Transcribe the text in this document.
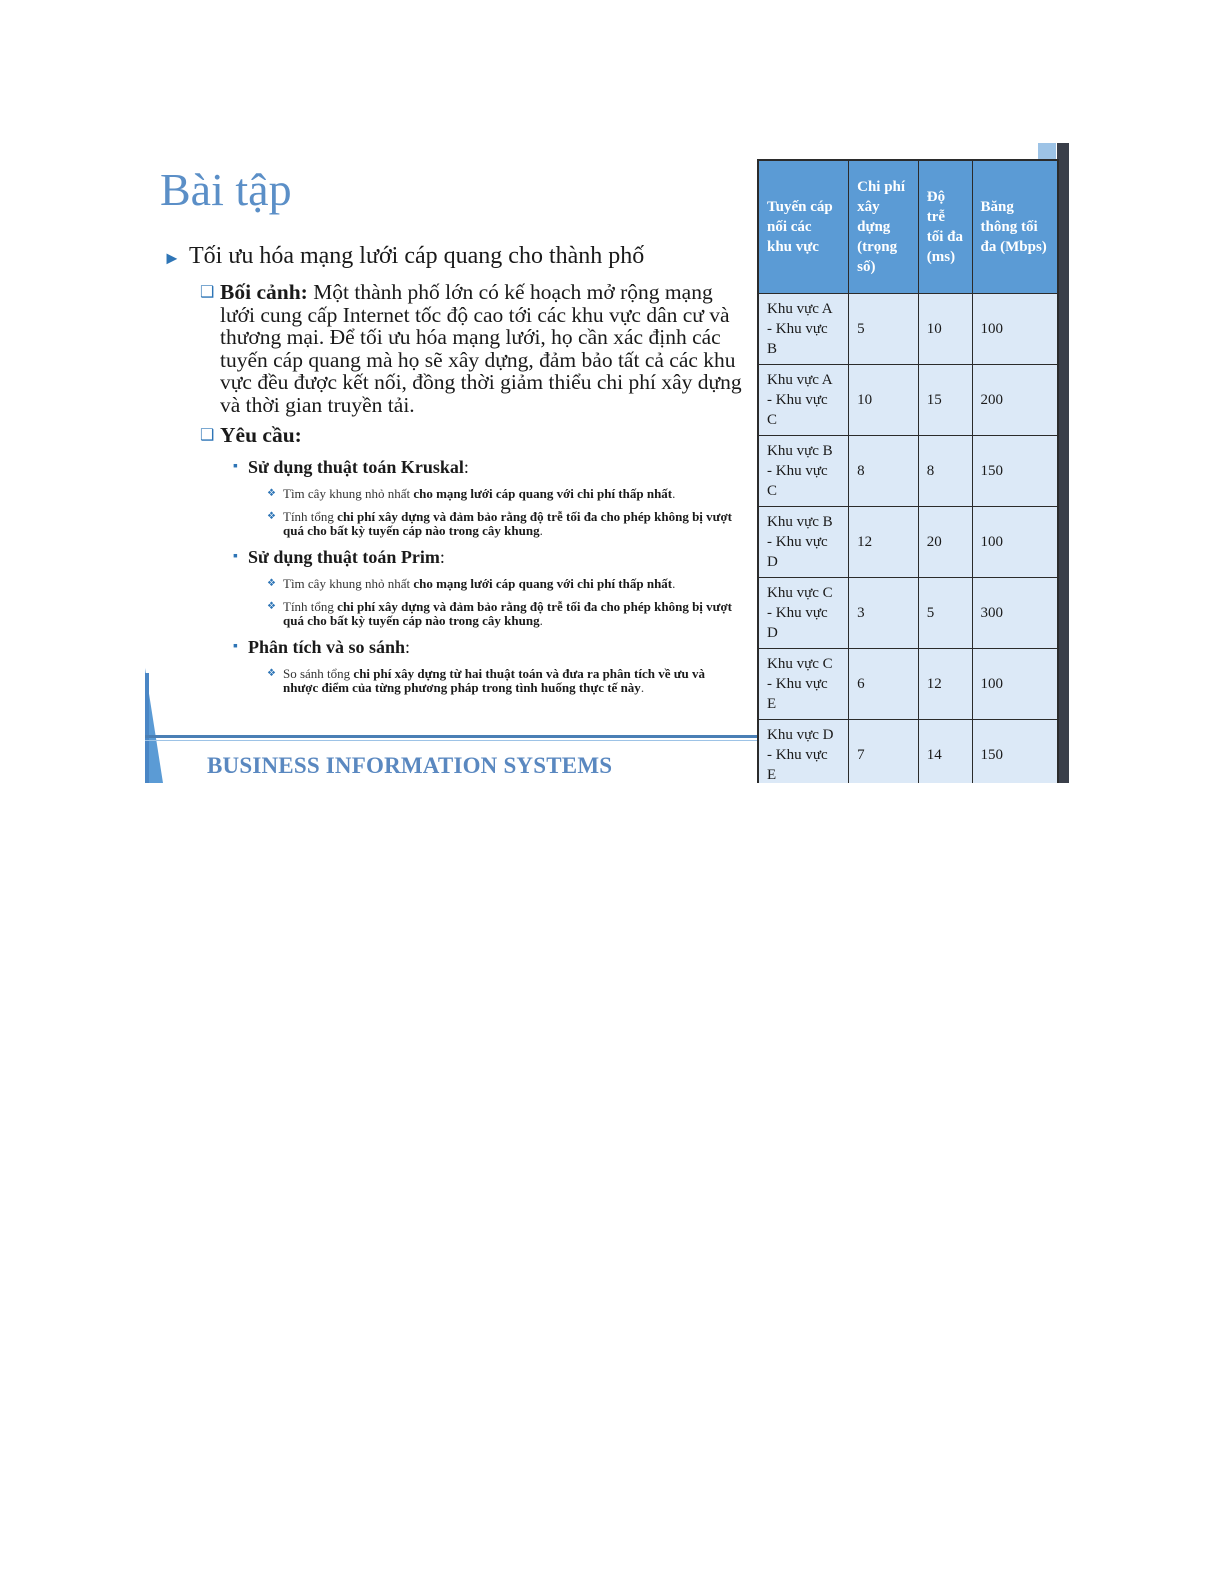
Bài tập
► Tối ưu hóa mạng lưới cáp quang cho thành phố
❑ Bối cảnh: Một thành phố lớn có kế hoạch mở rộng mạng lưới cung cấp Internet tốc độ cao tới các khu vực dân cư và thương mại. Để tối ưu hóa mạng lưới, họ cần xác định các tuyến cáp quang mà họ sẽ xây dựng, đảm bảo tất cả các khu vực đều được kết nối, đồng thời giảm thiểu chi phí xây dựng và thời gian truyền tải.
❑ Yêu cầu:
▪ Sử dụng thuật toán Kruskal:
❖ Tìm cây khung nhỏ nhất cho mạng lưới cáp quang với chi phí thấp nhất.
❖ Tính tổng chi phí xây dựng và đảm bảo rằng độ trễ tối đa cho phép không bị vượt quá cho bất kỳ tuyến cáp nào trong cây khung.
▪ Sử dụng thuật toán Prim:
❖ Tìm cây khung nhỏ nhất cho mạng lưới cáp quang với chi phí thấp nhất.
❖ Tính tổng chi phí xây dựng và đảm bảo rằng độ trễ tối đa cho phép không bị vượt quá cho bất kỳ tuyến cáp nào trong cây khung.
▪ Phân tích và so sánh:
❖ So sánh tổng chi phí xây dựng từ hai thuật toán và đưa ra phân tích về ưu và nhược điểm của từng phương pháp trong tình huống thực tế này.
BUSINESS INFORMATION SYSTEMS
Tuyến cáp nối các khu vực	Chi phí xây dựng (trọng số)	Độ trễ tối đa (ms)	Băng thông tối đa (Mbps)
Khu vực A - Khu vực B	5	10	100
Khu vực A - Khu vực C	10	15	200
Khu vực B - Khu vực C	8	8	150
Khu vực B - Khu vực D	12	20	100
Khu vực C - Khu vực D	3	5	300
Khu vực C - Khu vực E	6	12	100
Khu vực D - Khu vực E	7	14	150
